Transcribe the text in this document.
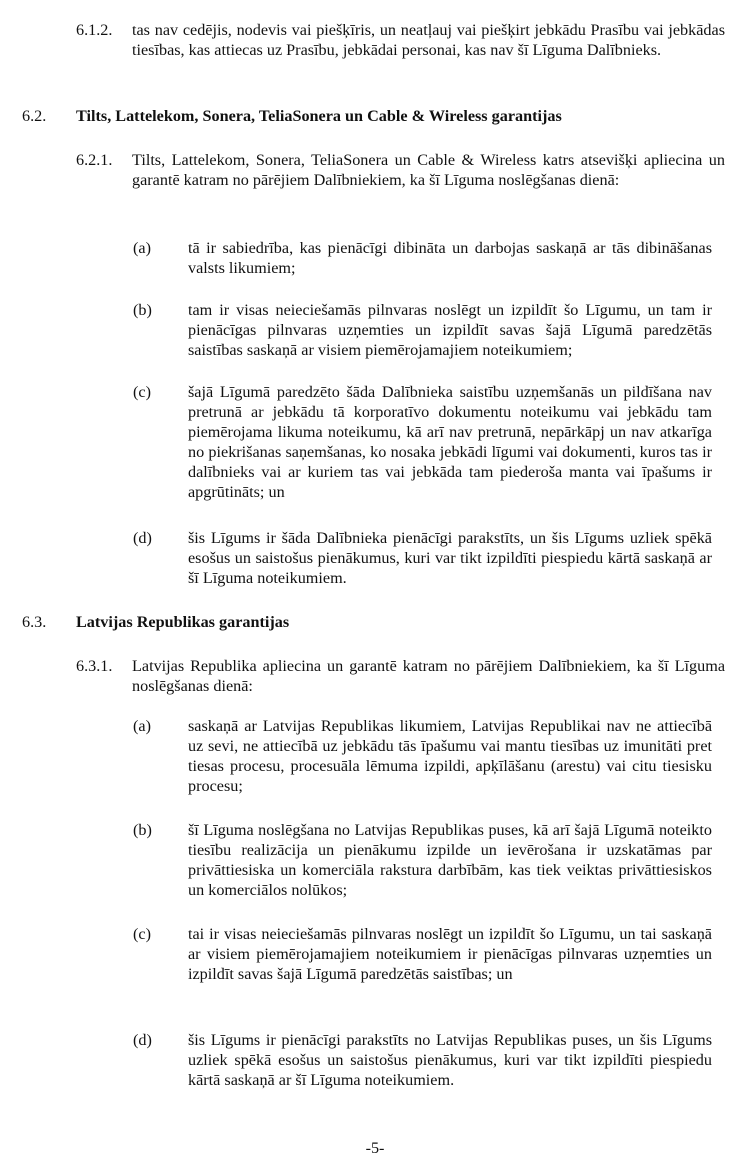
6.1.2. tas nav cedējis, nodevis vai piešķīris, un neatļauj vai piešķirt jebkādu Prasību vai jebkādas tiesības, kas attiecas uz Prasību, jebkādai personai, kas nav šī Līguma Dalībnieks.
6.2. Tilts, Lattelekom, Sonera, TeliaSonera un Cable & Wireless garantijas
6.2.1. Tilts, Lattelekom, Sonera, TeliaSonera un Cable & Wireless katrs atsevišķi apliecina un garantē katram no pārējiem Dalībniekiem, ka šī Līguma noslēgšanas dienā:
(a) tā ir sabiedrība, kas pienācīgi dibināta un darbojas saskaņā ar tās dibināšanas valsts likumiem;
(b) tam ir visas neieciešamās pilnvaras noslēgt un izpildīt šo Līgumu, un tam ir pienācīgas pilnvaras uzņemties un izpildīt savas šajā Līgumā paredzētās saistības saskaņā ar visiem piemērojamajiem noteikumiem;
(c) šajā Līgumā paredzēto šāda Dalībnieka saistību uzņemšanās un pildīšana nav pretrunā ar jebkādu tā korporatīvo dokumentu noteikumu vai jebkādu tam piemērojama likuma noteikumu, kā arī nav pretrunā, nepārkāpj un nav atkarīga no piekrišanas saņemšanas, ko nosaka jebkādi līgumi vai dokumenti, kuros tas ir dalībnieks vai ar kuriem tas vai jebkāda tam piederoša manta vai īpašums ir apgrūtināts; un
(d) šis Līgums ir šāda Dalībnieka pienācīgi parakstīts, un šis Līgums uzliek spēkā esošus un saistošus pienākumus, kuri var tikt izpildīti piespiedu kārtā saskaņā ar šī Līguma noteikumiem.
6.3. Latvijas Republikas garantijas
6.3.1. Latvijas Republika apliecina un garantē katram no pārējiem Dalībniekiem, ka šī Līguma noslēgšanas dienā:
(a) saskaņā ar Latvijas Republikas likumiem, Latvijas Republikai nav ne attiecībā uz sevi, ne attiecībā uz jebkādu tās īpašumu vai mantu tiesības uz imunitāti pret tiesas procesu, procesuāla lēmuma izpildi, apķīlāšanu (arestu) vai citu tiesisku procesu;
(b) šī Līguma noslēgšana no Latvijas Republikas puses, kā arī šajā Līgumā noteikto tiesību realizācija un pienākumu izpilde un ievērošana ir uzskatāmas par privāttiesiska un komerciāla rakstura darbībām, kas tiek veiktas privāttiesiskos un komerciālos nolūkos;
(c) tai ir visas neieciešamās pilnvaras noslēgt un izpildīt šo Līgumu, un tai saskaņā ar visiem piemērojamajiem noteikumiem ir pienācīgas pilnvaras uzņemties un izpildīt savas šajā Līgumā paredzētās saistības; un
(d) šis Līgums ir pienācīgi parakstīts no Latvijas Republikas puses, un šis Līgums uzliek spēkā esošus un saistošus pienākumus, kuri var tikt izpildīti piespiedu kārtā saskaņā ar šī Līguma noteikumiem.
-5-
